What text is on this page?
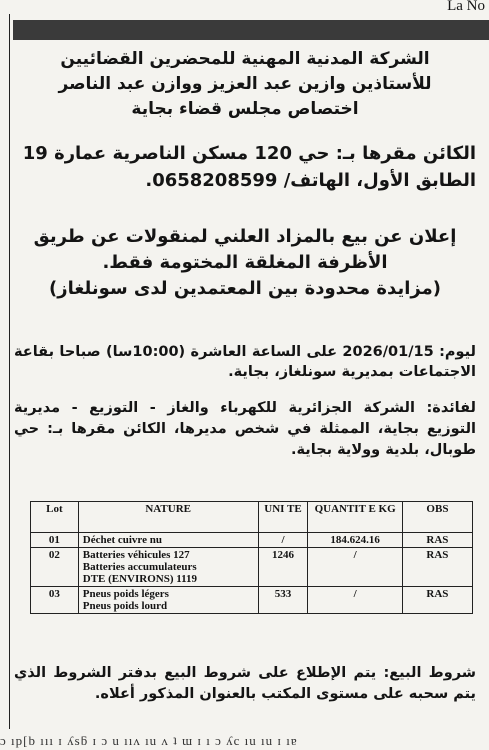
La No
الشركة المدنية المهنية للمحضرين القضائيين
للأستاذين وازين عبد العزيز ووازن عبد الناصر
اختصاص مجلس قضاء بجاية
الكائن مقرها بـ: حي 120 مسكن الناصرية عمارة 19
الطابق الأول، الهاتف/ 0658208599.
إعلان عن بيع بالمزاد العلني لمنقولات عن طريق
الأظرفة المغلقة المختومة فقط.
(مزايدة محدودة بين المعتمدين لدى سونلغاز)
ليوم: 2026/01/15 على الساعة العاشرة (10:00سا) صباحا بقاعة الاجتماعات بمديرية سونلغاز، بجاية.
لفائدة: الشركة الجزائرية للكهرباء والغاز - التوزيع - مديرية التوزيع بجاية، الممثلة في شخص مديرها، الكائن مقرها بـ: حي طوبال، بلدية وولاية بجاية.
Lot	NATURE	UNI TE	QUANTIT E KG	OBS
01	Déchet cuivre nu	/	184.624.16	RAS
02	Batteries véhicules 127
Batteries accumulateurs
DTE (ENVIRONS) 1119	1246	/	RAS
03	Pneus poids légers
Pneus poids lourd	533	/	RAS
شروط البيع: يتم الإطلاع على شروط البيع بدفتر الشروط الذي يتم سحبه على مستوى المكتب بالعنوان المذكور أعلاه.
ɔ ıp[b ııı ɪ ʎsƃ ɪ ɔ u ııʌ ıu ʌ ʇ ɯ ɪ ı ɔ ʎc ıu ıu ɪ ıɐ
